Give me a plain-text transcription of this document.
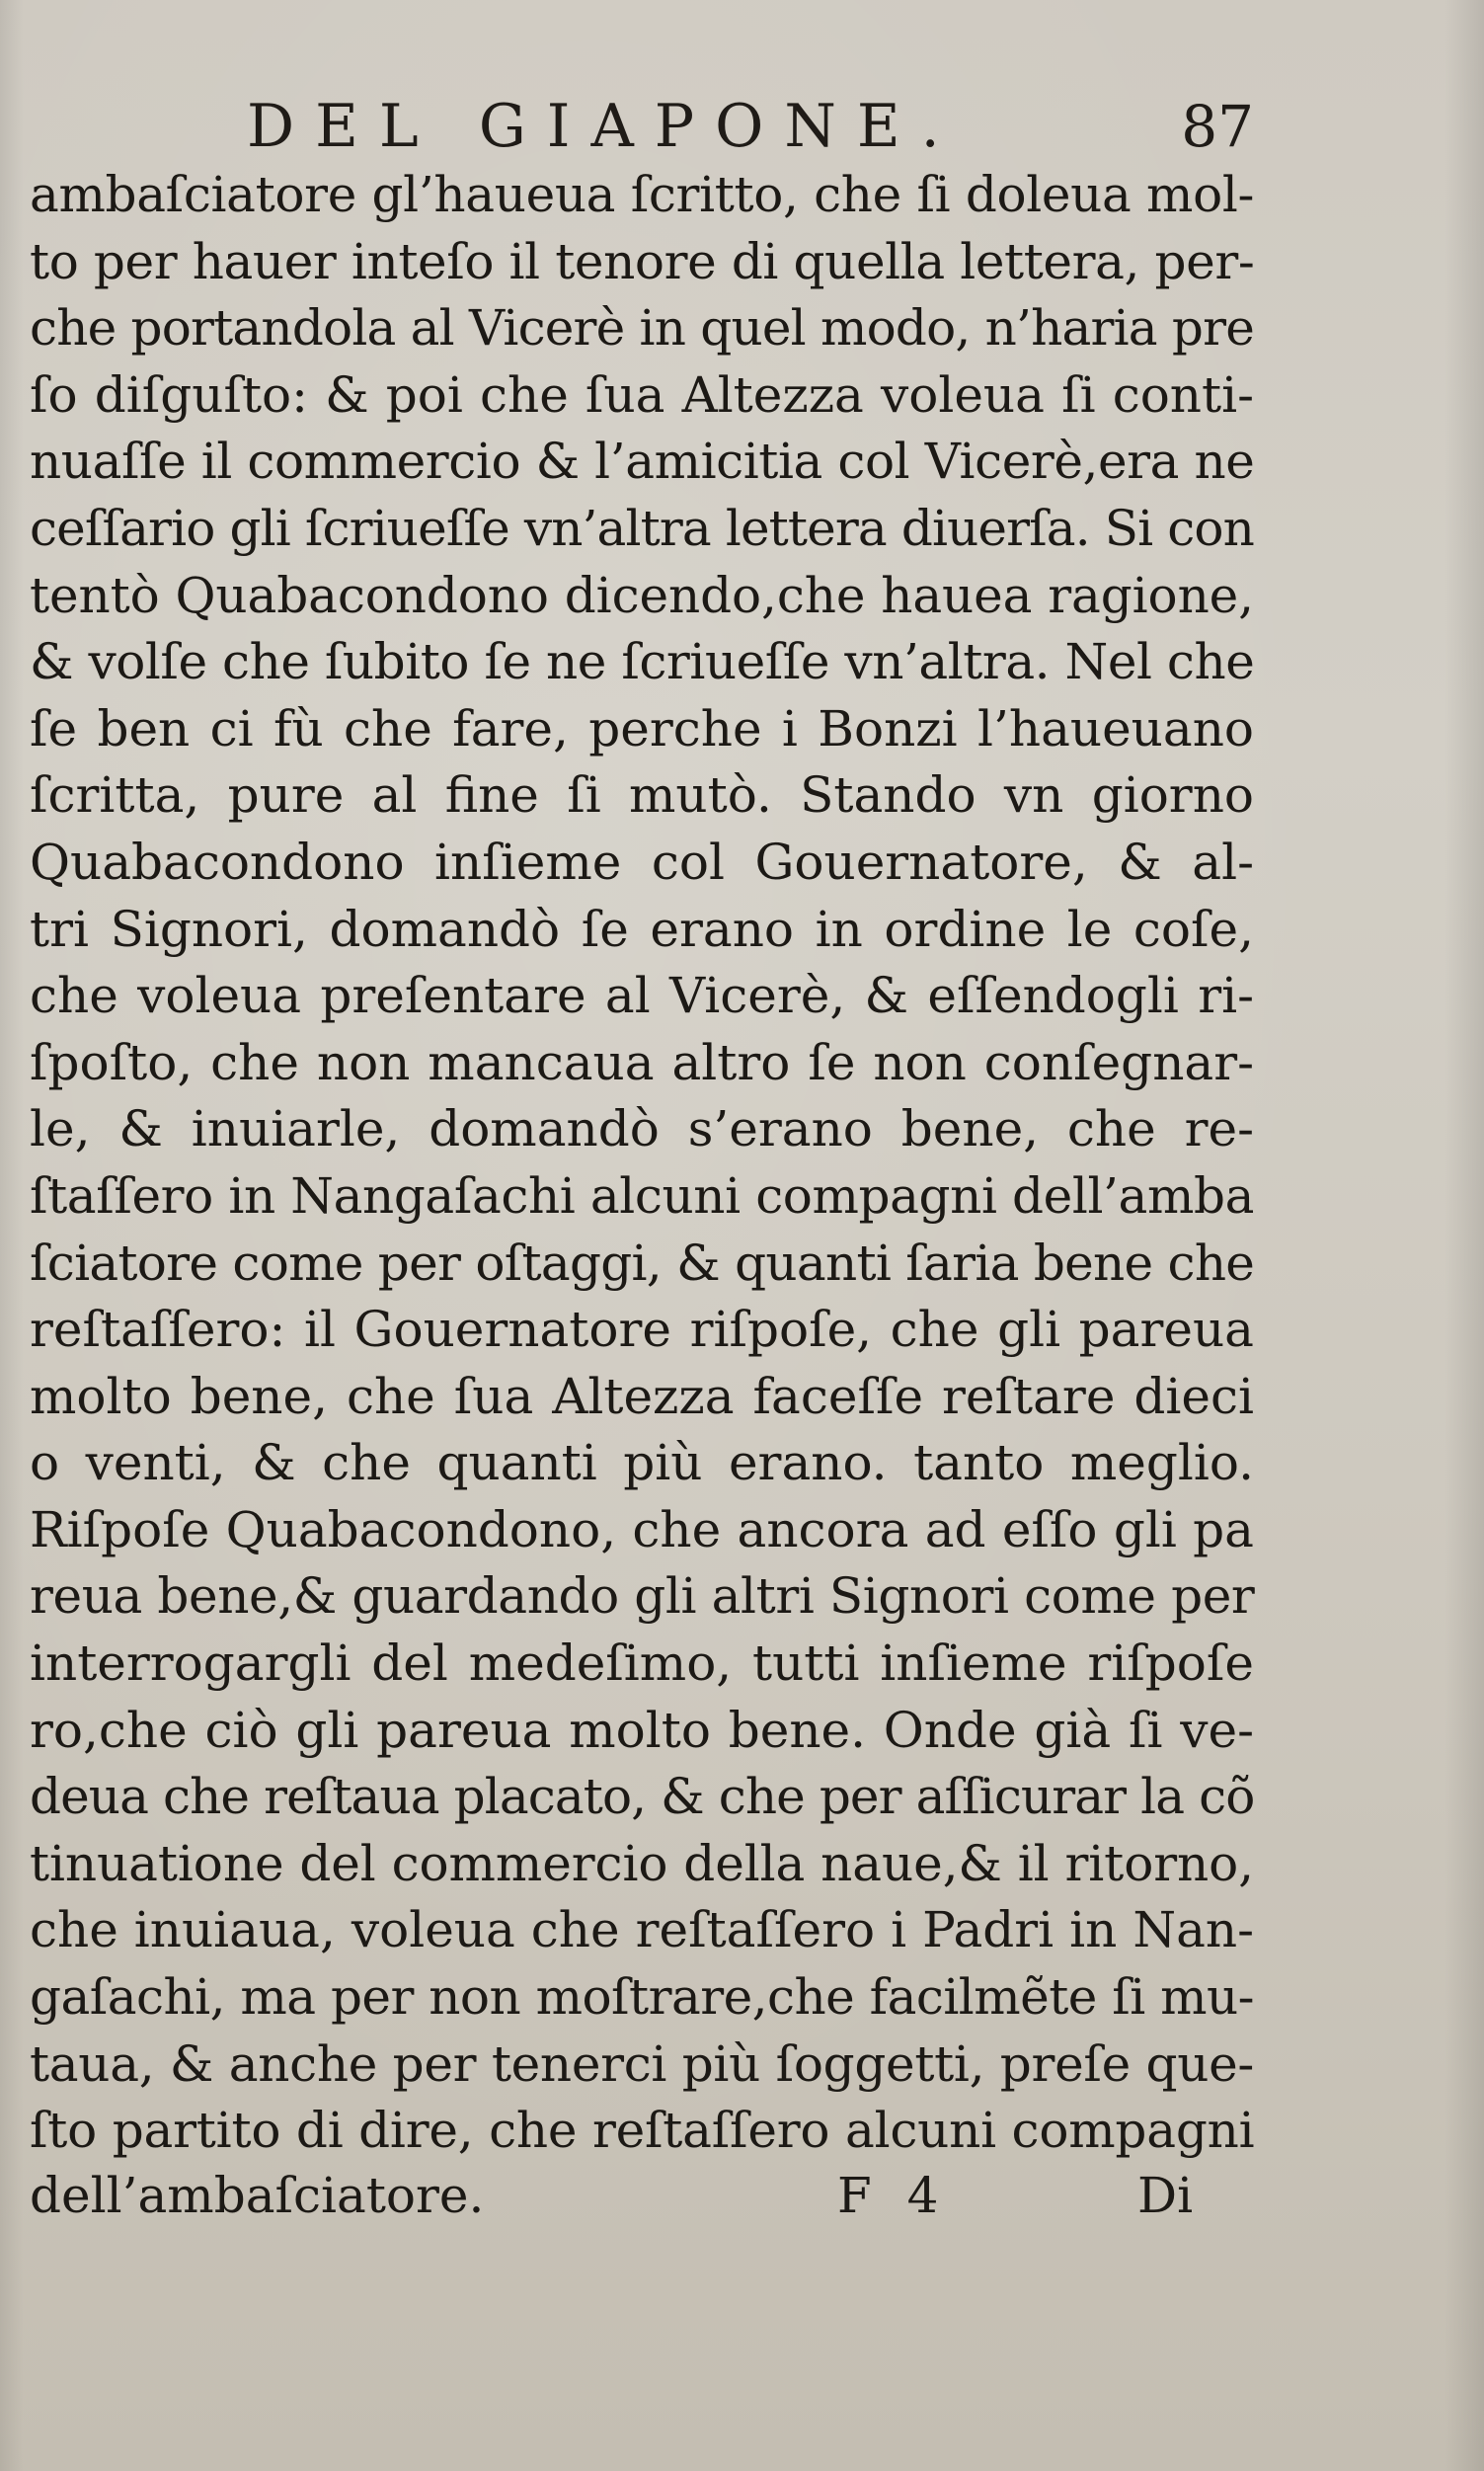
DEL GIAPONE.	87
ambaſciatore gl’haueua ſcritto, che ſi doleua mol-
to per hauer inteſo il tenore di quella lettera, per-
che portandola al Vicerè in quel modo, n’haria pre
ſo diſguſto: & poi che ſua Altezza voleua ſi conti-
nuaſſe il commercio & l’amicitia col Vicerè,era ne
ceſſario gli ſcriueſſe vn’altra lettera diuerſa. Si con
tentò Quabacondono dicendo,che hauea ragione,
& volſe che ſubito ſe ne ſcriueſſe vn’altra. Nel che
ſe ben ci fù che fare, perche i Bonzi l’haueuano
ſcritta, pure al fine ſi mutò. Stando vn giorno
Quabacondono inſieme col Gouernatore, & al-
tri Signori, domandò ſe erano in ordine le coſe,
che voleua preſentare al Vicerè, & eſſendogli ri-
ſpoſto, che non mancaua altro ſe non conſegnar-
le, & inuiarle, domandò s’erano bene, che re-
ſtaſſero in Nangaſachi alcuni compagni dell’amba
ſciatore come per oſtaggi, & quanti ſaria bene che
reſtaſſero: il Gouernatore riſpoſe, che gli pareua
molto bene, che ſua Altezza faceſſe reſtare dieci
o venti, & che quanti più erano. tanto meglio.
Riſpoſe Quabacondono, che ancora ad eſſo gli pa
reua bene,& guardando gli altri Signori come per
interrogargli del medeſimo, tutti inſieme riſpoſe
ro,che ciò gli pareua molto bene. Onde già ſi ve-
deua che reſtaua placato, & che per aſſicurar la cõ
tinuatione del commercio della naue,& il ritorno,
che inuiaua, voleua che reſtaſſero i Padri in Nan-
gaſachi, ma per non moſtrare,che facilmẽte ſi mu-
taua, & anche per tenerci più ſoggetti, preſe que-
ſto partito di dire, che reſtaſſero alcuni compagni
dell’ambaſciatore.	F 4	Di
